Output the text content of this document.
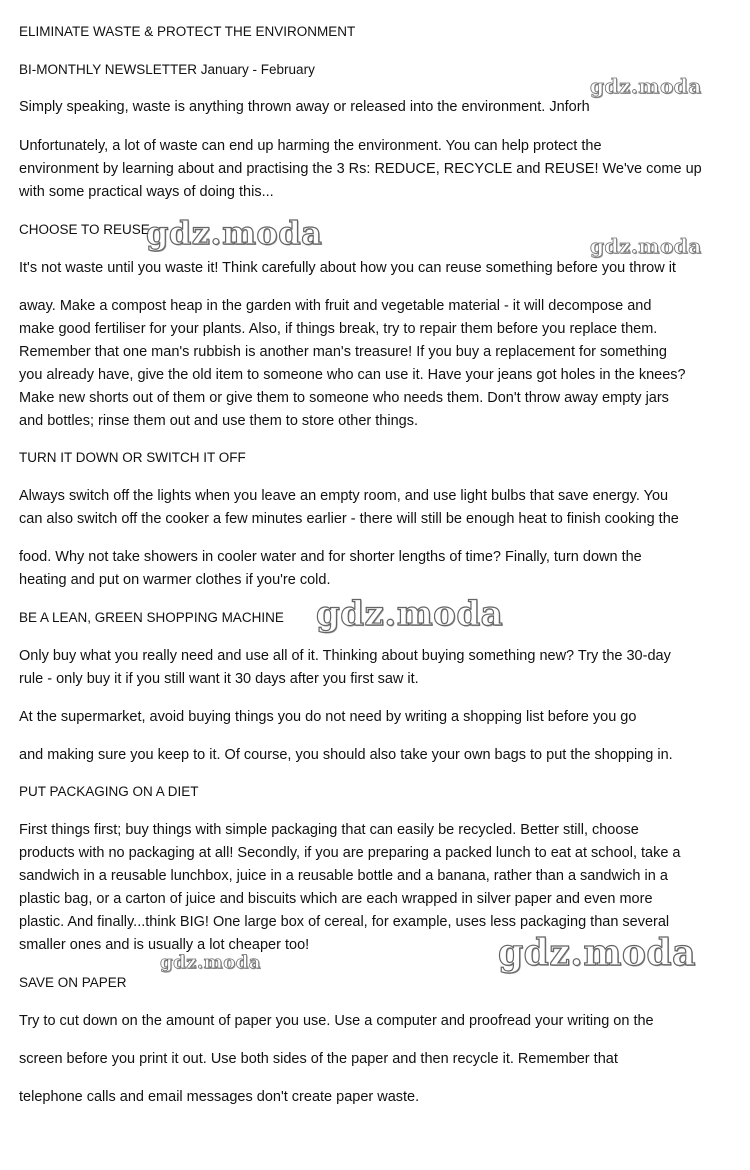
ELIMINATE WASTE & PROTECT THE ENVIRONMENT
BI-MONTHLY NEWSLETTER January - February
Simply speaking, waste is anything thrown away or released into the environment. Jnforh
Unfortunately, a lot of waste can end up harming the environment. You can help protect the
environment by learning about and practising the 3 Rs: REDUCE, RECYCLE and REUSE! We've come up
with some practical ways of doing this...
CHOOSE TO REUSE
It's not waste until you waste it! Think carefully about how you can reuse something before you throw it
away. Make a compost heap in the garden with fruit and vegetable material - it will decompose and
make good fertiliser for your plants. Also, if things break, try to repair them before you replace them.
Remember that one man's rubbish is another man's treasure! If you buy a replacement for something
you already have, give the old item to someone who can use it. Have your jeans got holes in the knees?
Make new shorts out of them or give them to someone who needs them. Don't throw away empty jars
and bottles; rinse them out and use them to store other things.
TURN IT DOWN OR SWITCH IT OFF
Always switch off the lights when you leave an empty room, and use light bulbs that save energy. You
can also switch off the cooker a few minutes earlier - there will still be enough heat to finish cooking the
food. Why not take showers in cooler water and for shorter lengths of time? Finally, turn down the
heating and put on warmer clothes if you're cold.
BE A LEAN, GREEN SHOPPING MACHINE
Only buy what you really need and use all of it. Thinking about buying something new? Try the 30-day
rule - only buy it if you still want it 30 days after you first saw it.
At the supermarket, avoid buying things you do not need by writing a shopping list before you go
and making sure you keep to it. Of course, you should also take your own bags to put the shopping in.
PUT PACKAGING ON A DIET
First things first; buy things with simple packaging that can easily be recycled. Better still, choose
products with no packaging at all! Secondly, if you are preparing a packed lunch to eat at school, take a
sandwich in a reusable lunchbox, juice in a reusable bottle and a banana, rather than a sandwich in a
plastic bag, or a carton of juice and biscuits which are each wrapped in silver paper and even more
plastic. And finally...think BIG! One large box of cereal, for example, uses less packaging than several
smaller ones and is usually a lot cheaper too!
SAVE ON PAPER
Try to cut down on the amount of paper you use. Use a computer and proofread your writing on the
screen before you print it out. Use both sides of the paper and then recycle it. Remember that
telephone calls and email messages don't create paper waste.
gdz.moda
gdz.moda	gdz.moda
gdz.moda
gdz.moda
gdz.moda
